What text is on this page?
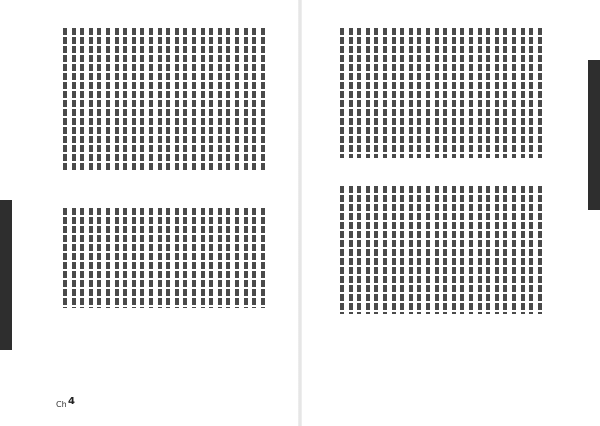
Ch 4
